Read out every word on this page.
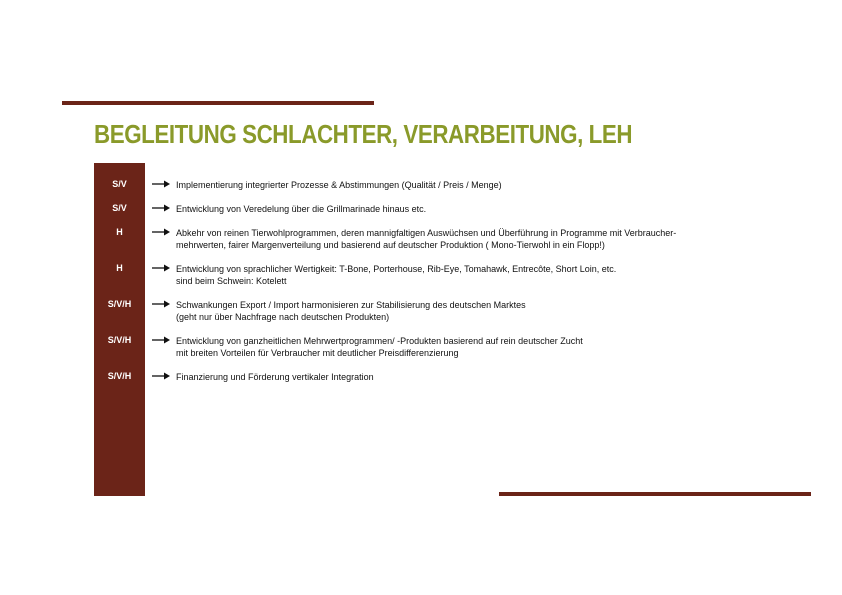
BEGLEITUNG SCHLACHTER, VERARBEITUNG, LEH
S/V	Implementierung integrierter Prozesse & Abstimmungen (Qualität / Preis / Menge)
S/V	Entwicklung von Veredelung über die Grillmarinade hinaus etc.
H	Abkehr von reinen Tierwohlprogrammen, deren mannigfaltigen Auswüchsen und Überführung in Programme mit Verbraucher-
mehrwerten, fairer Margenverteilung und basierend auf deutscher Produktion ( Mono-Tierwohl in ein Flopp!)
H	Entwicklung von sprachlicher Wertigkeit: T-Bone, Porterhouse, Rib-Eye, Tomahawk, Entrecôte, Short Loin, etc.
sind beim Schwein: Kotelett
S/V/H	Schwankungen Export / Import harmonisieren zur Stabilisierung des deutschen Marktes
(geht nur über Nachfrage nach deutschen Produkten)
S/V/H	Entwicklung von ganzheitlichen Mehrwertprogrammen/ -Produkten basierend auf rein deutscher Zucht
mit breiten Vorteilen für Verbraucher mit deutlicher Preisdifferenzierung
S/V/H	Finanzierung und Förderung vertikaler Integration
